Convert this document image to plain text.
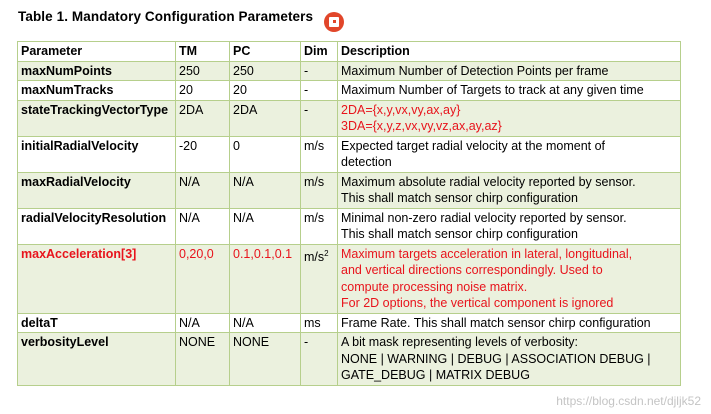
Table 1. Mandatory Configuration Parameters
Parameter	TM	PC	Dim	Description
maxNumPoints	250	250	-	Maximum Number of Detection Points per frame

maxNumTracks	20	20	-	Maximum Number of Targets to track at any given time

stateTrackingVectorType	2DA	2DA	-	2DA={x,y,vx,vy,ax,ay}
3DA={x,y,z,vx,vy,vz,ax,ay,az}

initialRadialVelocity	-20	0	m/s	Expected target radial velocity at the moment of
detection

maxRadialVelocity	N/A	N/A	m/s	Maximum absolute radial velocity reported by sensor.
This shall match sensor chirp configuration

radialVelocityResolution	N/A	N/A	m/s	Minimal non-zero radial velocity reported by sensor.
This shall match sensor chirp configuration

maxAcceleration[3]	0,20,0	0.1,0.1,0.1	$m/s^2$	Maximum targets acceleration in lateral, longitudinal,
and vertical directions correspondingly. Used to
compute processing noise matrix.
For 2D options, the vertical component is ignored

deltaT	N/A	N/A	ms	Frame Rate. This shall match sensor chirp configuration

verbosityLevel	NONE	NONE	-	A bit mask representing levels of verbosity:
NONE | WARNING | DEBUG | ASSOCIATION DEBUG |
GATE_DEBUG | MATRIX DEBUG
https://blog.csdn.net/djljk52
